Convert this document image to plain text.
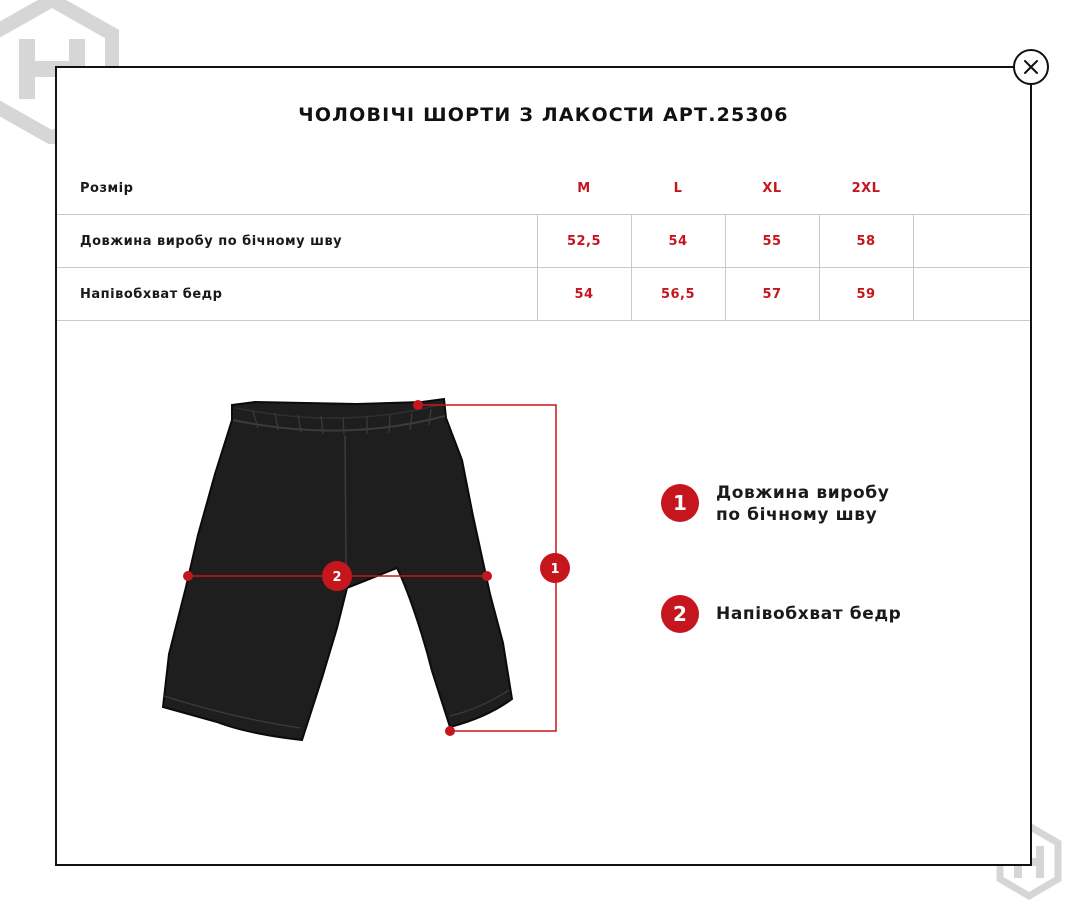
ЧОЛОВІЧІ ШОРТИ З ЛАКОСТИ АРТ.25306
Розмір	M	L	XL	2XL	
Довжина виробу по бічному шву	52,5	54	55	58	
Напівобхват бедр	54	56,5	57	59	
1
2
1	Довжина виробу по бічному шву
2	Напівобхват бедр
